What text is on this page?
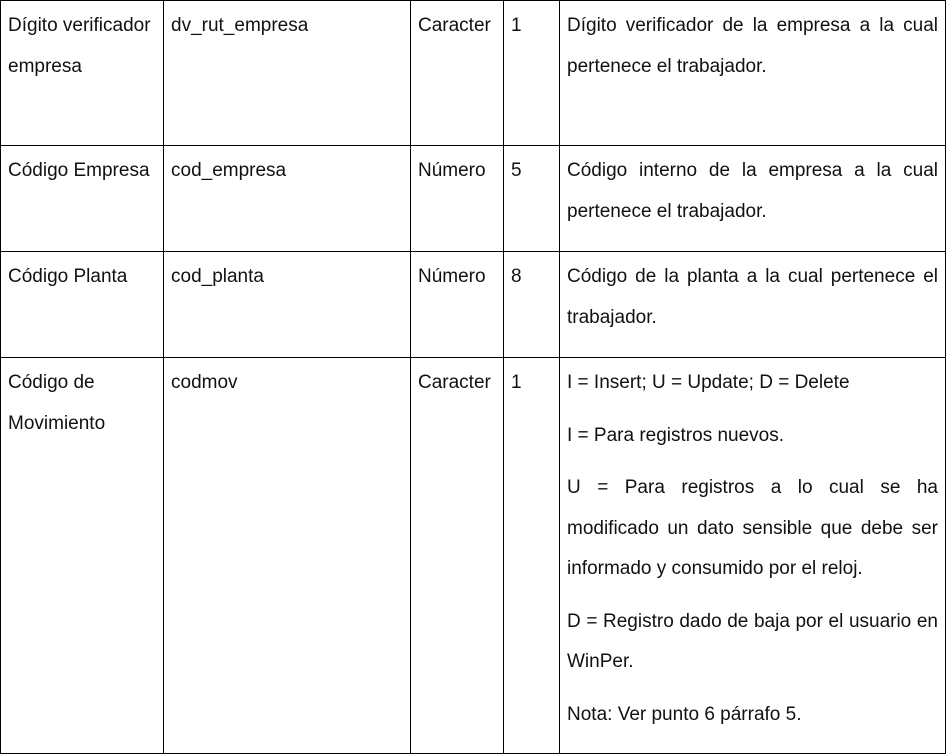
Dígito verificador empresa	dv_rut_empresa	Caracter	1	Dígito verificador de la empresa a la cual pertenece el trabajador.

Código Empresa	cod_empresa	Número	5	Código interno de la empresa a la cual pertenece el trabajador.

Código Planta	cod_planta	Número	8	Código de la planta a la cual pertenece el trabajador.

Código de Movimiento	codmov	Caracter	1	I = Insert; U = Update; D = Delete

I = Para registros nuevos.

U = Para registros a lo cual se ha modificado un dato sensible que debe ser informado y consumido por el reloj.

D = Registro dado de baja por el usuario en WinPer.

Nota: Ver punto 6 párrafo 5.
